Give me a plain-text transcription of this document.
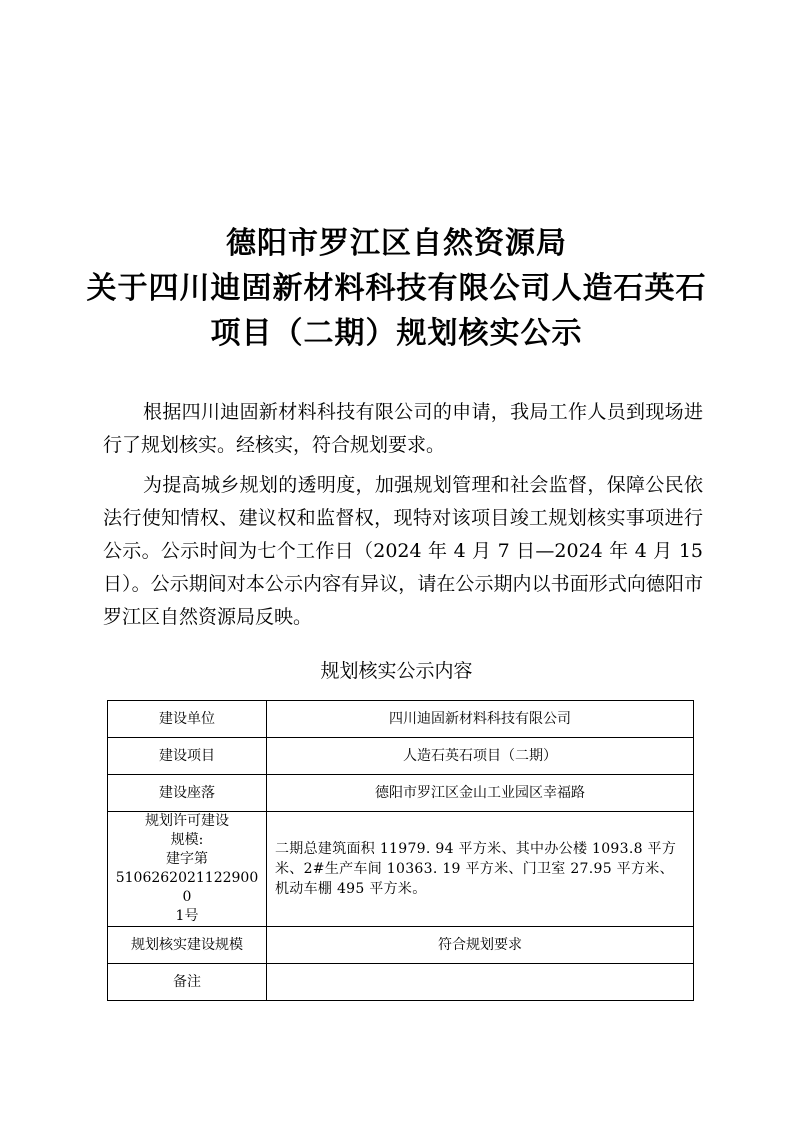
德阳市罗江区自然资源局
关于四川迪固新材料科技有限公司人造石英石
项目（二期）规划核实公示
根据四川迪固新材料科技有限公司的申请，我局工作人员到现场进行了规划核实。经核实，符合规划要求。
为提高城乡规划的透明度，加强规划管理和社会监督，保障公民依法行使知情权、建议权和监督权，现特对该项目竣工规划核实事项进行公示。公示时间为七个工作日（2024 年 4 月 7 日—2024 年 4 月 15 日）。公示期间对本公示内容有异议，请在公示期内以书面形式向德阳市罗江区自然资源局反映。
规划核实公示内容
建设单位	四川迪固新材料科技有限公司
建设项目	人造石英石项目（二期）
建设座落	德阳市罗江区金山工业园区幸福路

规划许可建设
规模:
建字第
51062620211229000
1号	二期总建筑面积 11979. 94 平方米、其中办公楼 1093.8 平方米、2#生产车间 10363. 19 平方米、门卫室 27.95 平方米、机动车棚 495 平方米。
规划核实建设规模	符合规划要求
备注	
